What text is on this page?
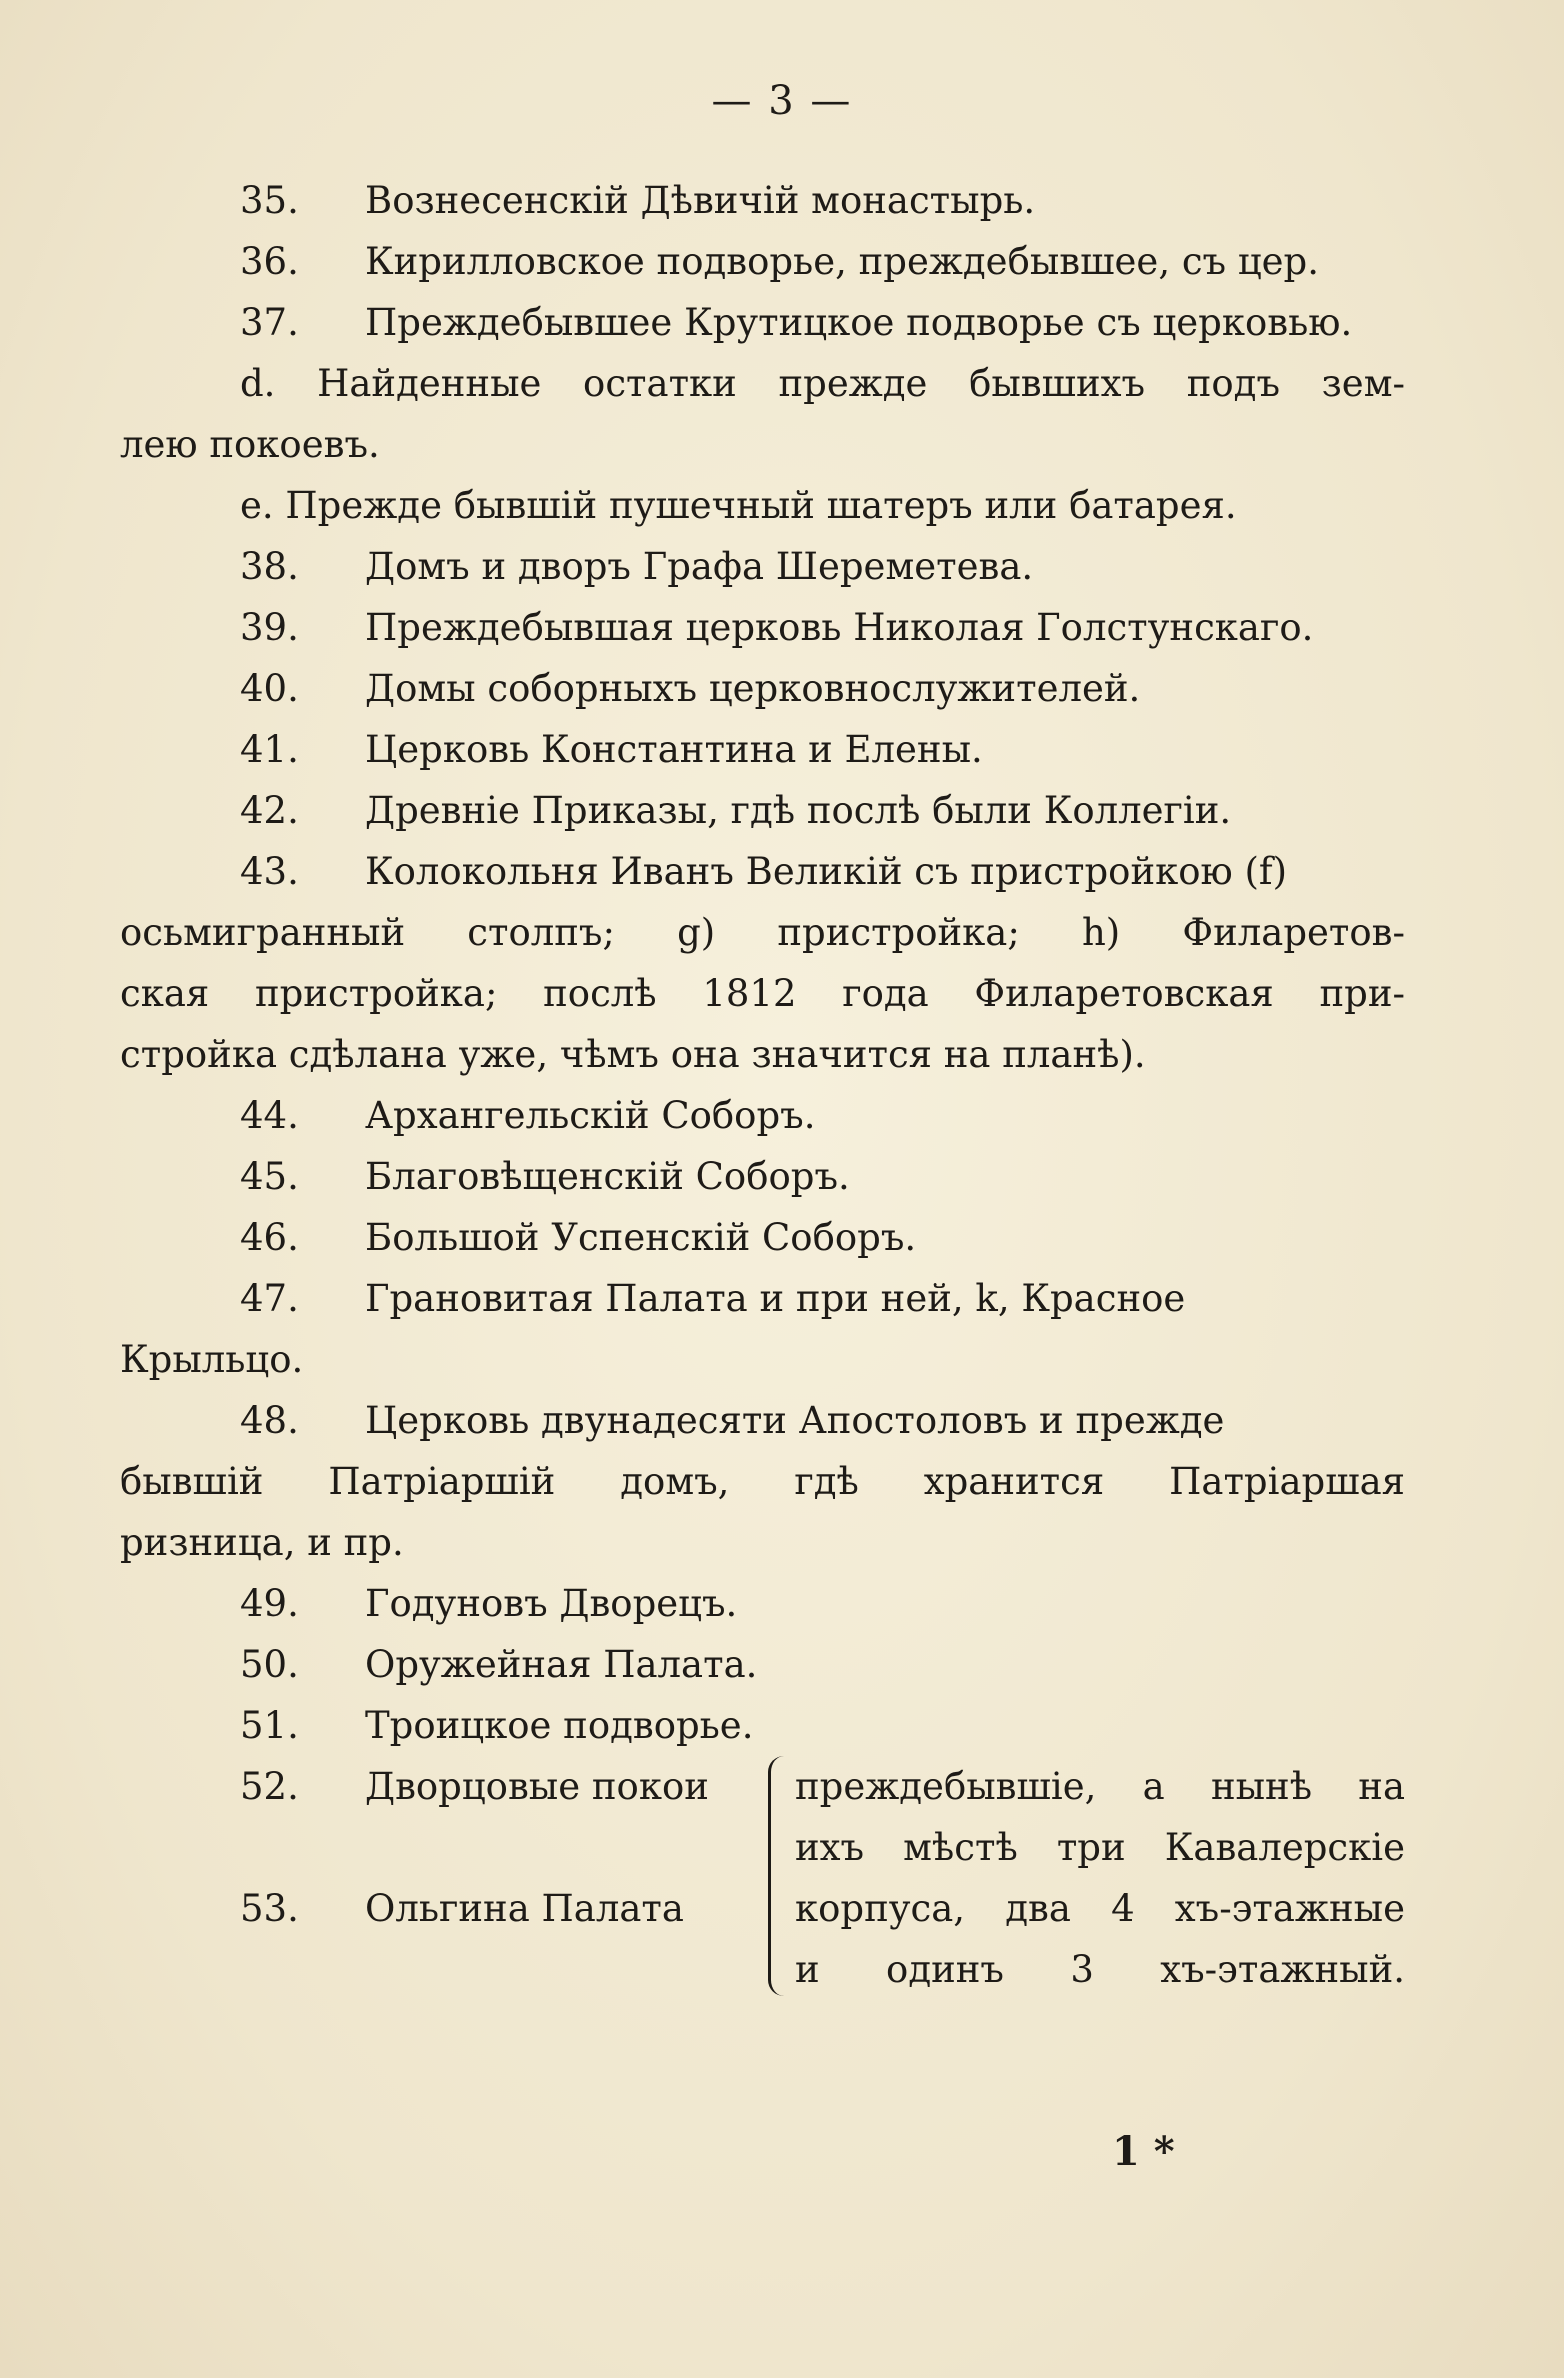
— 3 —
35. Вознесенскій Дѣвичій монастырь.
36. Кирилловское подворье, преждебывшее, съ цер.
37. Преждебывшее Крутицкое подворье съ церковью.
d. Найденные остатки прежде бывшихъ подъ зем-
лею покоевъ.
e. Прежде бывшій пушечный шатеръ или батарея.
38. Домъ и дворъ Графа Шереметева.
39. Преждебывшая церковь Николая Голстунскаго.
40. Домы соборныхъ церковнослужителей.
41. Церковь Константина и Елены.
42. Древніе Приказы, гдѣ послѣ были Коллегіи.
43. Колокольня Иванъ Великій съ пристройкою (f)
осьмигранный столпъ; g) пристройка; h) Филаретов-
ская пристройка; послѣ 1812 года Филаретовская при-
стройка сдѣлана уже, чѣмъ она значится на планѣ).
44. Архангельскій Соборъ.
45. Благовѣщенскій Соборъ.
46. Большой Успенскій Соборъ.
47. Грановитая Палата и при ней, k, Красное
Крыльцо.
48. Церковь двунадесяти Апостоловъ и прежде
бывшій Патріаршій домъ, гдѣ хранится Патріаршая
ризница, и пр.
49. Годуновъ Дворецъ.
50. Оружейная Палата.
51. Троицкое подворье.
преждебывшіе, а нынѣ на
ихъ мѣстѣ три Кавалерскіе
корпуса, два 4 хъ-этажные
и одинъ 3 хъ-этажный.
52. Дворцовые покои
53. Ольгина Палата
1 *
